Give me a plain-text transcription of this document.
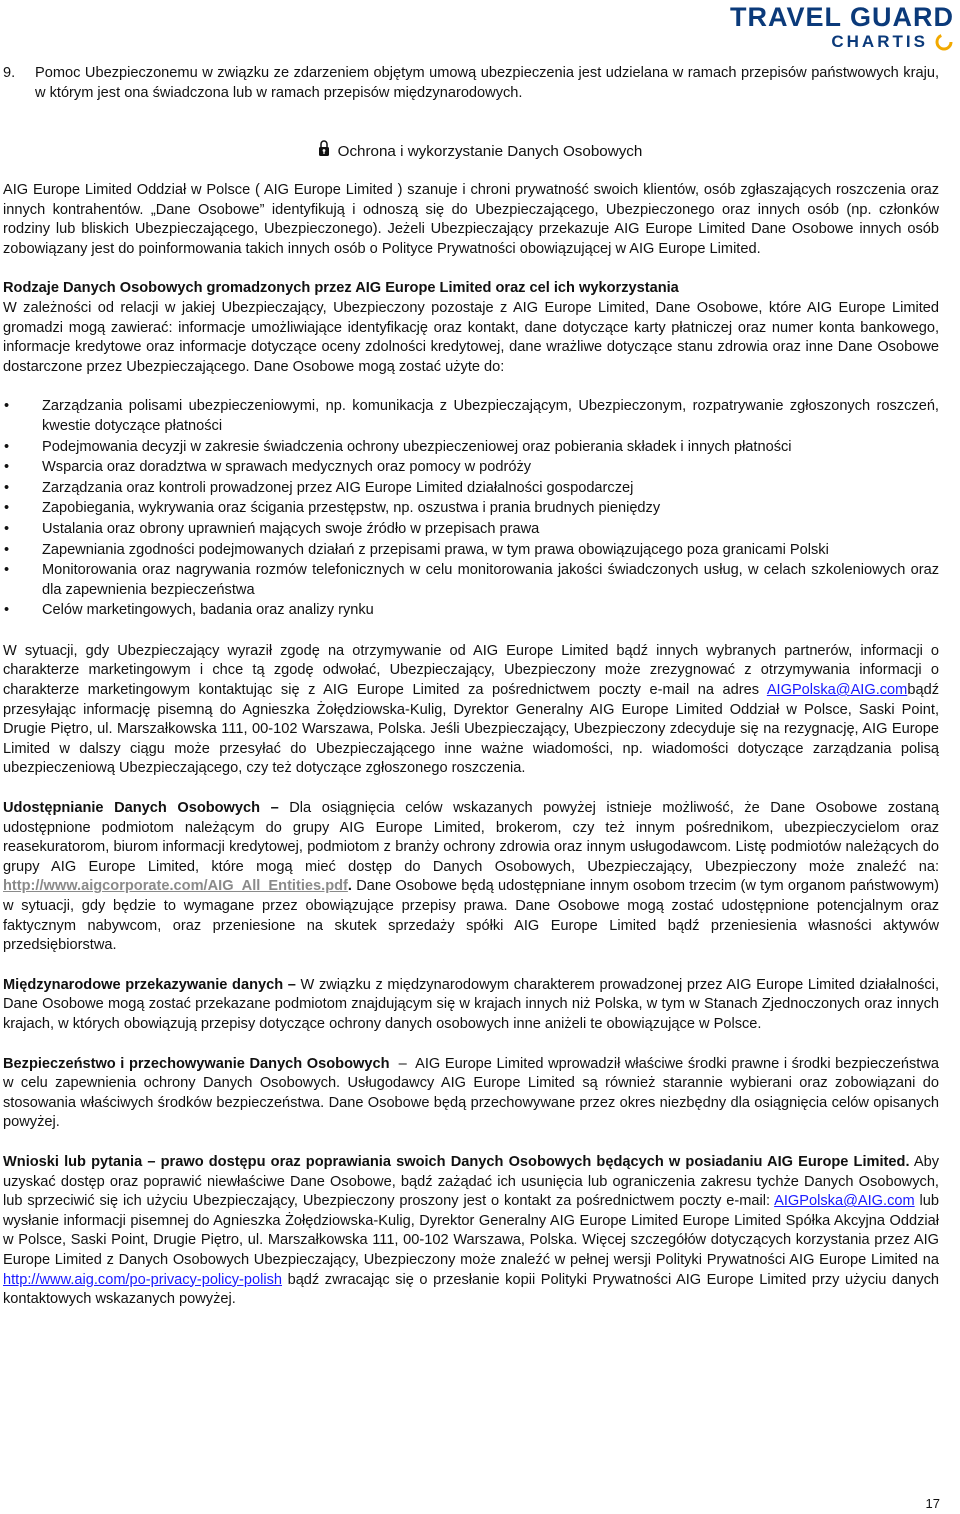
TRAVEL GUARD
CHARTIS
9.	Pomoc Ubezpieczonemu w związku ze zdarzeniem objętym umową ubezpieczenia jest udzielana w ramach przepisów państwowych kraju, w którym jest ona świadczona lub w ramach przepisów międzynarodowych.
Ochrona i wykorzystanie Danych Osobowych

AIG Europe Limited Oddział w Polsce ( AIG Europe Limited ) szanuje i chroni prywatność swoich klientów, osób zgłaszających roszczenia oraz innych kontrahentów. „Dane Osobowe” identyfikują i odnoszą się do Ubezpieczającego, Ubezpieczonego oraz innych osób (np. członków rodziny lub bliskich Ubezpieczającego, Ubezpieczonego). Jeżeli Ubezpieczający przekazuje AIG Europe Limited Dane Osobowe innych osób zobowiązany jest do poinformowania takich innych osób o Polityce Prywatności obowiązującej w AIG Europe Limited.

Rodzaje Danych Osobowych gromadzonych przez AIG Europe Limited oraz cel ich wykorzystania
W zależności od relacji w jakiej Ubezpieczający, Ubezpieczony pozostaje z AIG Europe Limited, Dane Osobowe, które AIG Europe Limited gromadzi mogą zawierać: informacje umożliwiające identyfikację oraz kontakt, dane dotyczące karty płatniczej oraz numer konta bankowego, informacje kredytowe oraz informacje dotyczące oceny zdolności kredytowej, dane wrażliwe dotyczące stanu zdrowia oraz inne Dane Osobowe dostarczone przez Ubezpieczającego. Dane Osobowe mogą zostać użyte do:

• Zarządzania polisami ubezpieczeniowymi, np. komunikacja z Ubezpieczającym, Ubezpieczonym, rozpatrywanie zgłoszonych roszczeń, kwestie dotyczące płatności
• Podejmowania decyzji w zakresie świadczenia ochrony ubezpieczeniowej oraz pobierania składek i innych płatności
• Wsparcia oraz doradztwa w sprawach medycznych oraz pomocy w podróży
• Zarządzania oraz kontroli prowadzonej przez AIG Europe Limited działalności gospodarczej
• Zapobiegania, wykrywania oraz ścigania przestępstw, np. oszustwa i prania brudnych pieniędzy
• Ustalania oraz obrony uprawnień mających swoje źródło w przepisach prawa
• Zapewniania zgodności podejmowanych działań z przepisami prawa, w tym prawa obowiązującego poza granicami Polski
• Monitorowania oraz nagrywania rozmów telefonicznych w celu monitorowania jakości świadczonych usług, w celach szkoleniowych oraz dla zapewnienia bezpieczeństwa
• Celów marketingowych, badania oraz analizy rynku

W sytuacji, gdy Ubezpieczający wyraził zgodę na otrzymywanie od AIG Europe Limited bądź innych wybranych partnerów, informacji o charakterze marketingowym i chce tą zgodę odwołać, Ubezpieczający, Ubezpieczony może zrezygnować z otrzymywania informacji o charakterze marketingowym kontaktując się z AIG Europe Limited za pośrednictwem poczty e-mail na adres AIGPolska@AIG.combądź przesyłając informację pisemną do Agnieszka Żołędziowska-Kulig, Dyrektor Generalny AIG Europe Limited Oddział w Polsce, Saski Point, Drugie Piętro, ul. Marszałkowska 111, 00-102 Warszawa, Polska. Jeśli Ubezpieczający, Ubezpieczony zdecyduje się na rezygnację, AIG Europe Limited w dalszy ciągu może przesyłać do Ubezpieczającego inne ważne wiadomości, np. wiadomości dotyczące zarządzania polisą ubezpieczeniową Ubezpieczającego, czy też dotyczące zgłoszonego roszczenia.

Udostępnianie Danych Osobowych – Dla osiągnięcia celów wskazanych powyżej istnieje możliwość, że Dane Osobowe zostaną udostępnione podmiotom należącym do grupy AIG Europe Limited, brokerom, czy też innym pośrednikom, ubezpieczycielom oraz reasekuratorom, biurom informacji kredytowej, podmiotom z branży ochrony zdrowia oraz innym usługodawcom. Listę podmiotów należących do grupy AIG Europe Limited, które mogą mieć dostęp do Danych Osobowych, Ubezpieczający, Ubezpieczony może znaleźć na: http://www.aigcorporate.com/AIG_All_Entities.pdf. Dane Osobowe będą udostępniane innym osobom trzecim (w tym organom państwowym) w sytuacji, gdy będzie to wymagane przez obowiązujące przepisy prawa. Dane Osobowe mogą zostać udostępnione potencjalnym oraz faktycznym nabywcom, oraz przeniesione na skutek sprzedaży spółki AIG Europe Limited bądź przeniesienia własności aktywów przedsiębiorstwa.

Międzynarodowe przekazywanie danych – W związku z międzynarodowym charakterem prowadzonej przez AIG Europe Limited działalności, Dane Osobowe mogą zostać przekazane podmiotom znajdującym się w krajach innych niż Polska, w tym w Stanach Zjednoczonych oraz innych krajach, w których obowiązują przepisy dotyczące ochrony danych osobowych inne aniżeli te obowiązujące w Polsce.

Bezpieczeństwo i przechowywanie Danych Osobowych  –  AIG Europe Limited wprowadził właściwe środki prawne i środki bezpieczeństwa w celu zapewnienia ochrony Danych Osobowych. Usługodawcy AIG Europe Limited są również starannie wybierani oraz zobowiązani do stosowania właściwych środków bezpieczeństwa. Dane Osobowe będą przechowywane przez okres niezbędny dla osiągnięcia celów opisanych powyżej.

Wnioski lub pytania – prawo dostępu oraz poprawiania swoich Danych Osobowych będących w posiadaniu AIG Europe Limited. Aby uzyskać dostęp oraz poprawić niewłaściwe Dane Osobowe, bądź zażądać ich usunięcia lub ograniczenia zakresu tychże Danych Osobowych, lub sprzeciwić się ich użyciu Ubezpieczający, Ubezpieczony proszony jest o kontakt za pośrednictwem poczty e-mail: AIGPolska@AIG.com lub wysłanie informacji pisemnej do Agnieszka Żołędziowska-Kulig, Dyrektor Generalny AIG Europe Limited Europe Limited Spółka Akcyjna Oddział w Polsce, Saski Point, Drugie Piętro, ul. Marszałkowska 111, 00-102 Warszawa, Polska. Więcej szczegółów dotyczących korzystania przez AIG Europe Limited z Danych Osobowych Ubezpieczający, Ubezpieczony może znaleźć w pełnej wersji Polityki Prywatności AIG Europe Limited na http://www.aig.com/po-privacy-policy-polish bądź zwracając się o przesłanie kopii Polityki Prywatności AIG Europe Limited przy użyciu danych kontaktowych wskazanych powyżej.

17
